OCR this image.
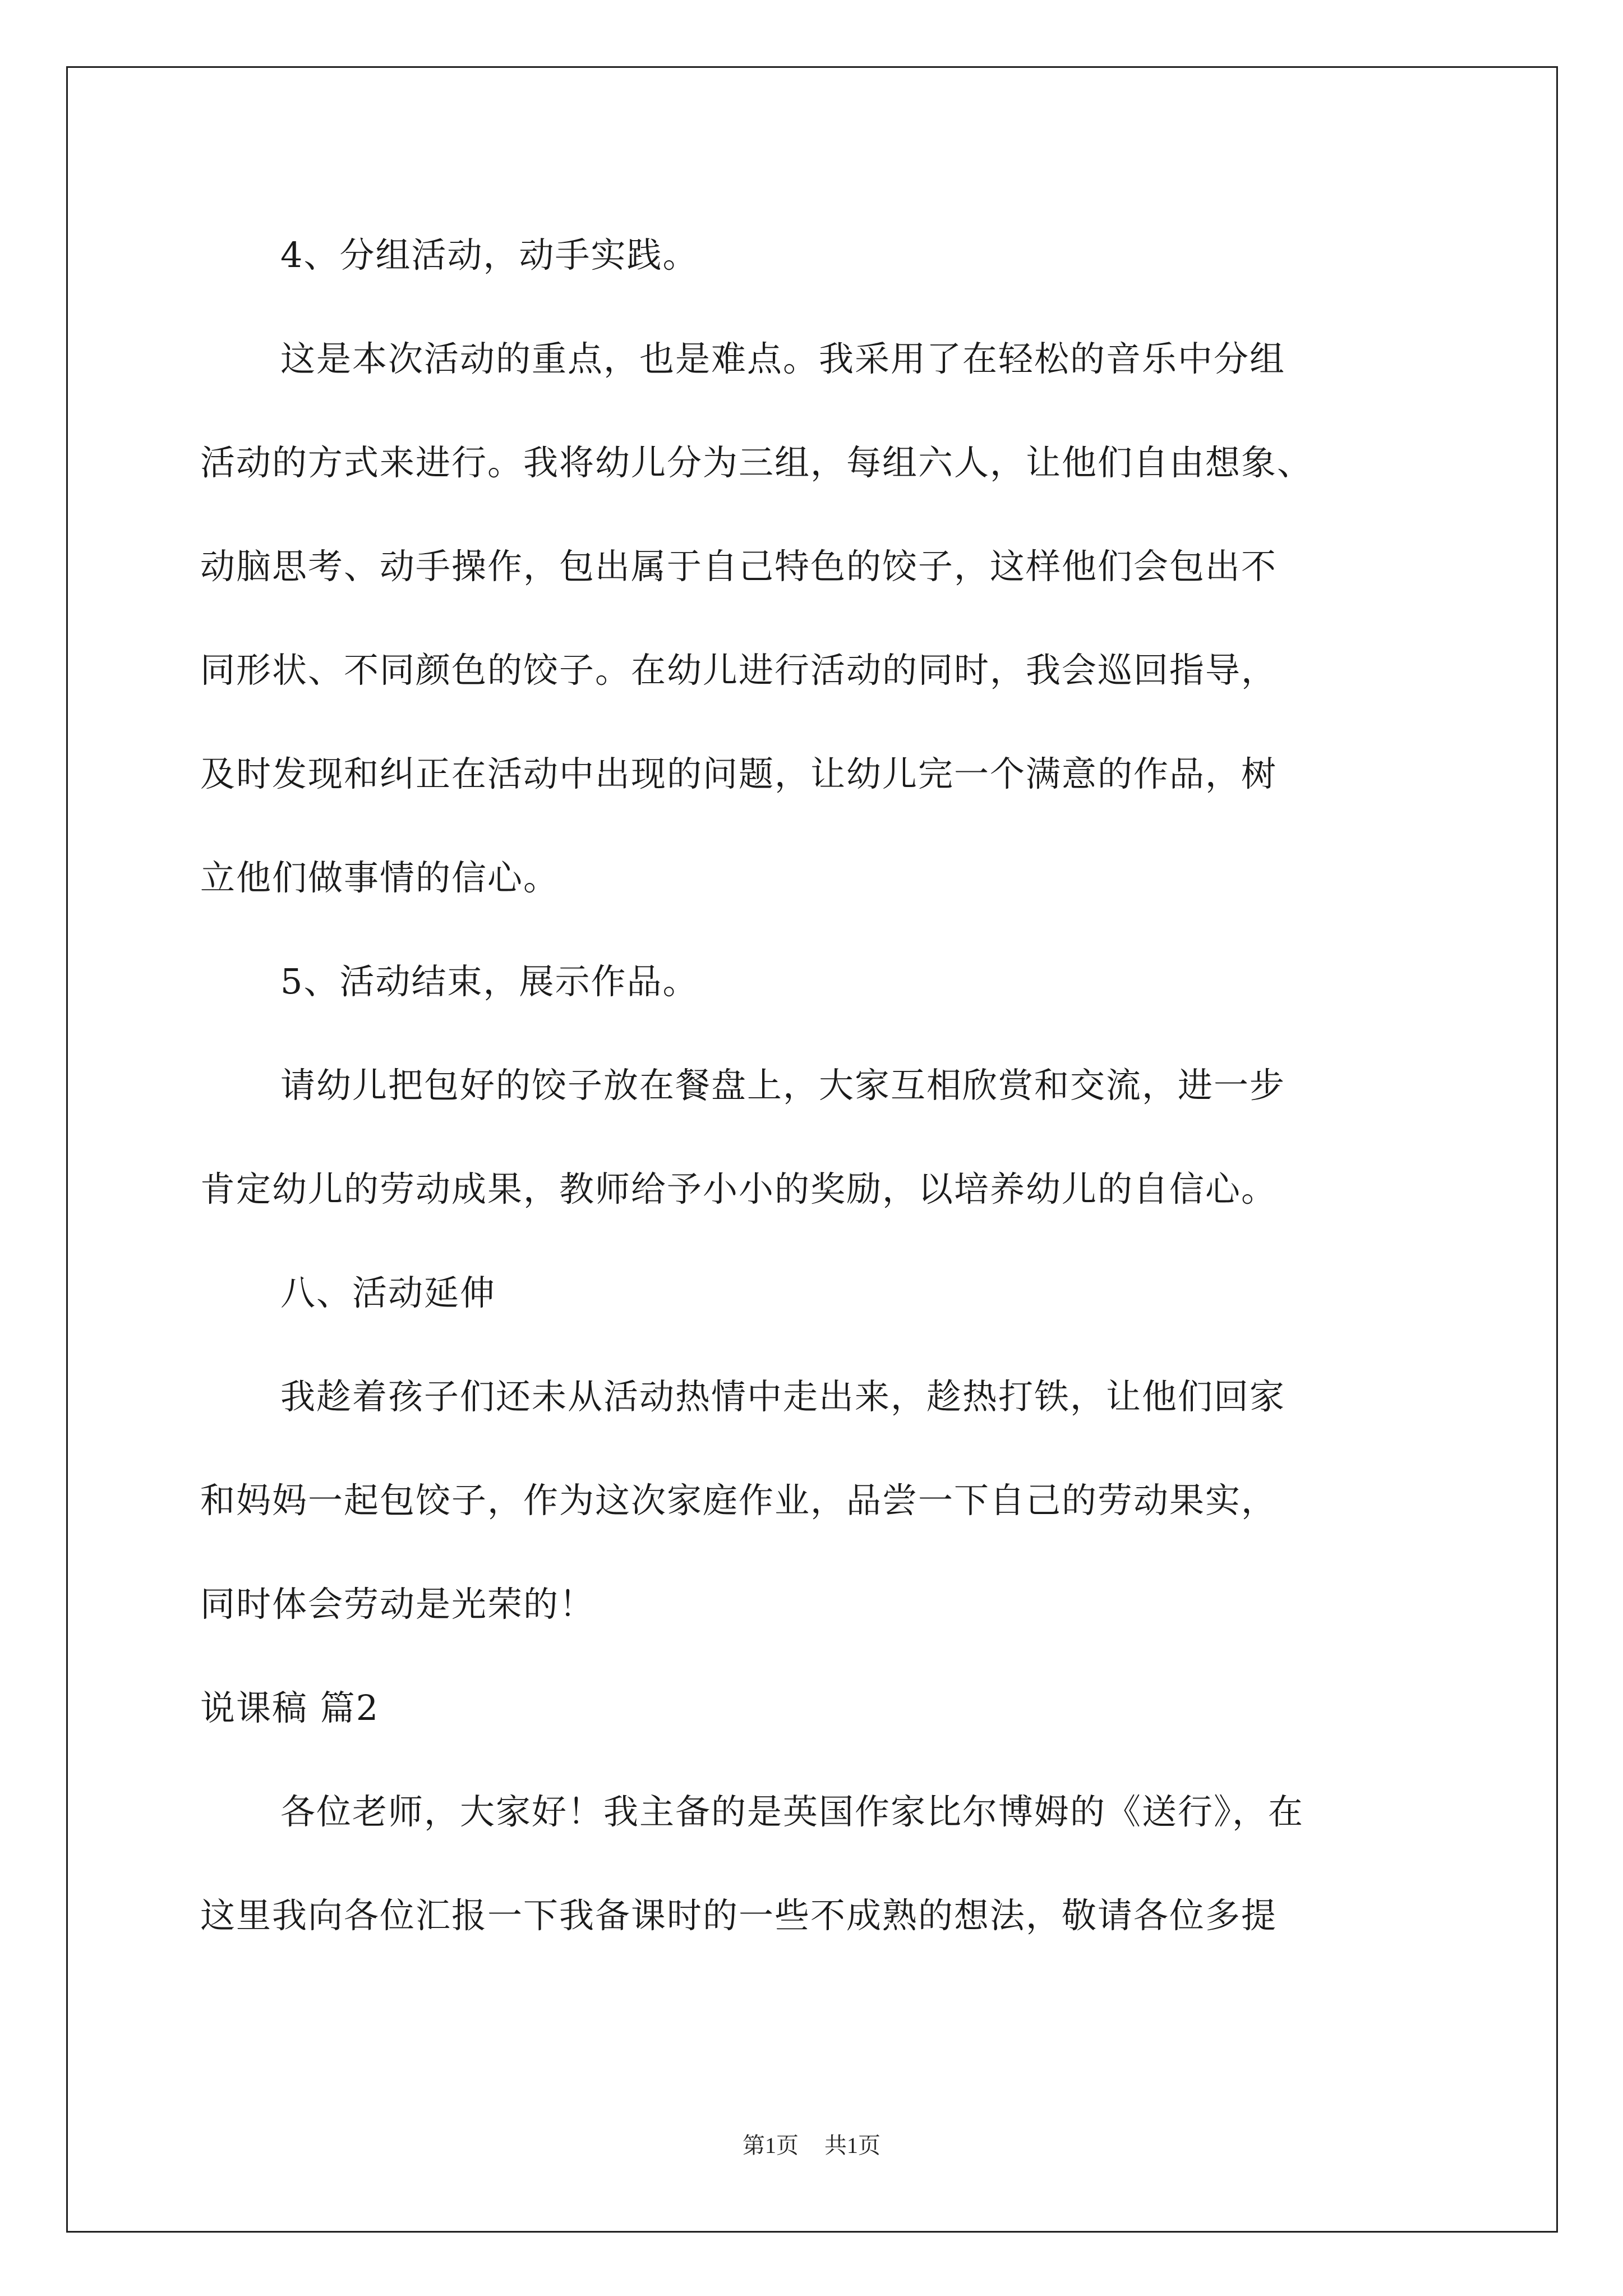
4、分组活动，动手实践。
这是本次活动的重点，也是难点。我采用了在轻松的音乐中分组
活动的方式来进行。我将幼儿分为三组，每组六人，让他们自由想象、
动脑思考、动手操作，包出属于自己特色的饺子，这样他们会包出不
同形状、不同颜色的饺子。在幼儿进行活动的同时，我会巡回指导，
及时发现和纠正在活动中出现的问题，让幼儿完一个满意的作品，树
立他们做事情的信心。
5、活动结束，展示作品。
请幼儿把包好的饺子放在餐盘上，大家互相欣赏和交流，进一步
肯定幼儿的劳动成果，教师给予小小的奖励，以培养幼儿的自信心。
八、活动延伸
我趁着孩子们还未从活动热情中走出来，趁热打铁，让他们回家
和妈妈一起包饺子，作为这次家庭作业，品尝一下自己的劳动果实，
同时体会劳动是光荣的！
说课稿 篇2
各位老师，大家好！我主备的是英国作家比尔博姆的《送行》，在
这里我向各位汇报一下我备课时的一些不成熟的想法，敬请各位多提
第1页 共1页
